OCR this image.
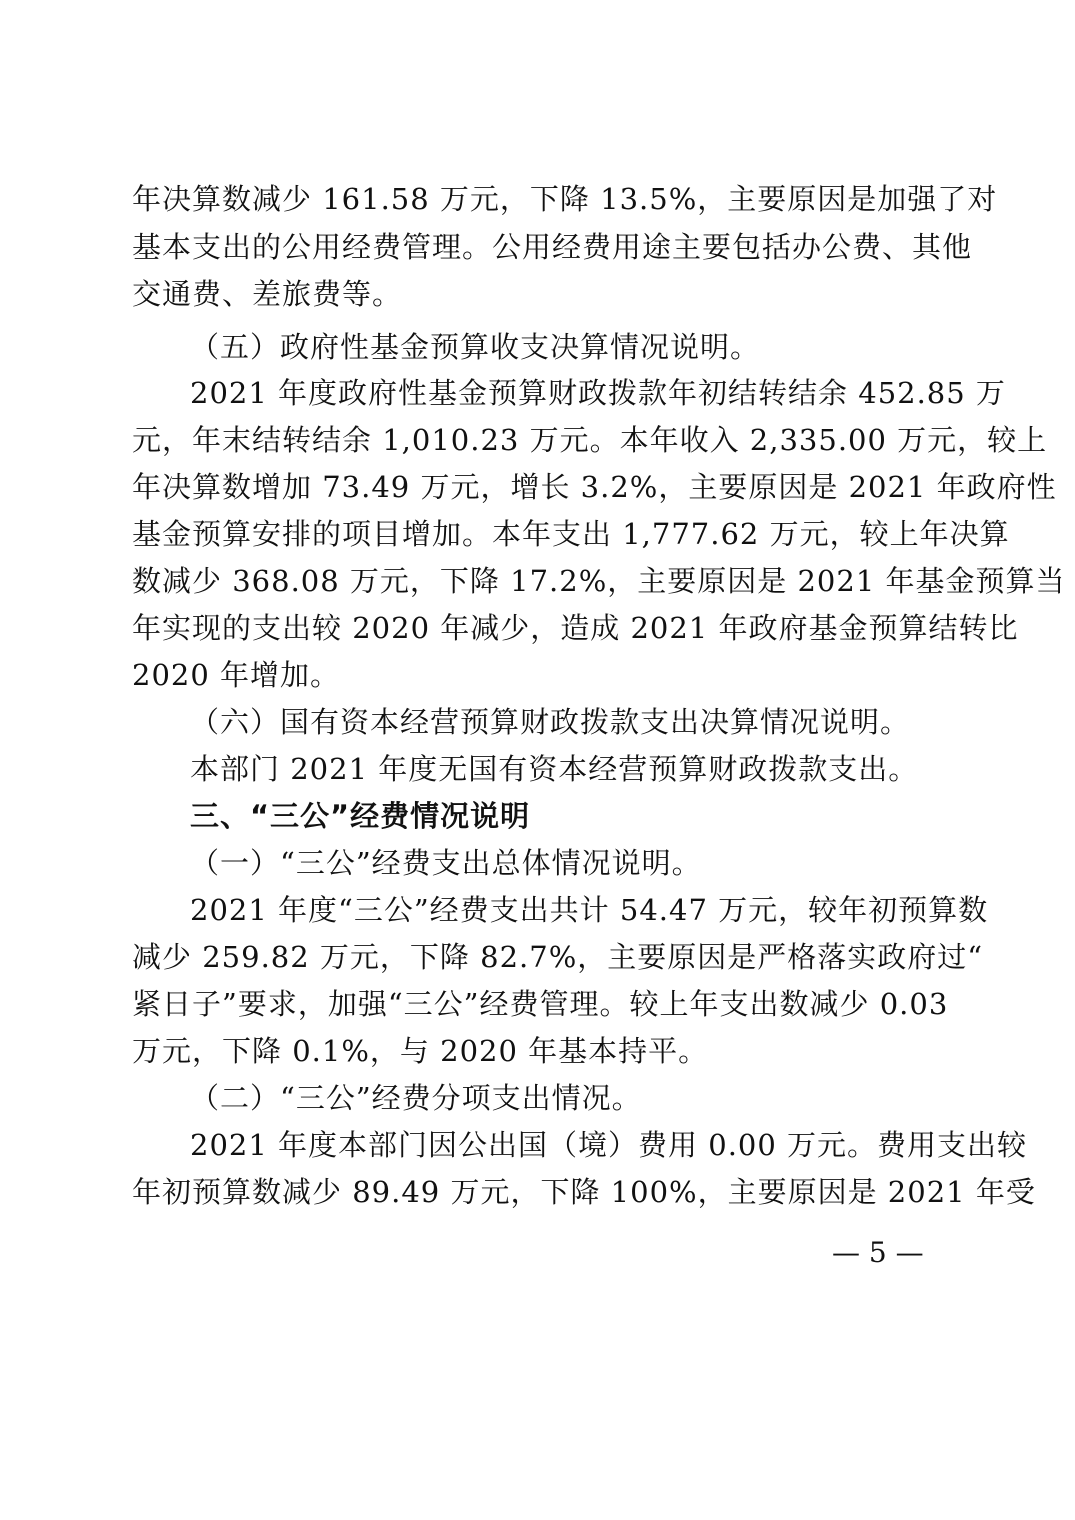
年决算数减少 161.58 万元，下降 13.5%，主要原因是加强了对
基本支出的公用经费管理。公用经费用途主要包括办公费、其他
交通费、差旅费等。
（五）政府性基金预算收支决算情况说明。
2021 年度政府性基金预算财政拨款年初结转结余 452.85 万
元，年末结转结余 1,010.23 万元。本年收入 2,335.00 万元，较上
年决算数增加 73.49 万元，增长 3.2%，主要原因是 2021 年政府性
基金预算安排的项目增加。本年支出 1,777.62 万元，较上年决算
数减少 368.08 万元，下降 17.2%，主要原因是 2021 年基金预算当
年实现的支出较 2020 年减少，造成 2021 年政府基金预算结转比
2020 年增加。
（六）国有资本经营预算财政拨款支出决算情况说明。
本部门 2021 年度无国有资本经营预算财政拨款支出。
三、“三公”经费情况说明
（一）“三公”经费支出总体情况说明。
2021 年度“三公”经费支出共计 54.47 万元，较年初预算数
减少 259.82 万元，下降 82.7%，主要原因是严格落实政府过“
紧日子”要求，加强“三公”经费管理。较上年支出数减少 0.03
万元，下降 0.1%，与 2020 年基本持平。
（二）“三公”经费分项支出情况。
2021 年度本部门因公出国（境）费用 0.00 万元。费用支出较
年初预算数减少 89.49 万元，下降 100%，主要原因是 2021 年受
— 5 —
